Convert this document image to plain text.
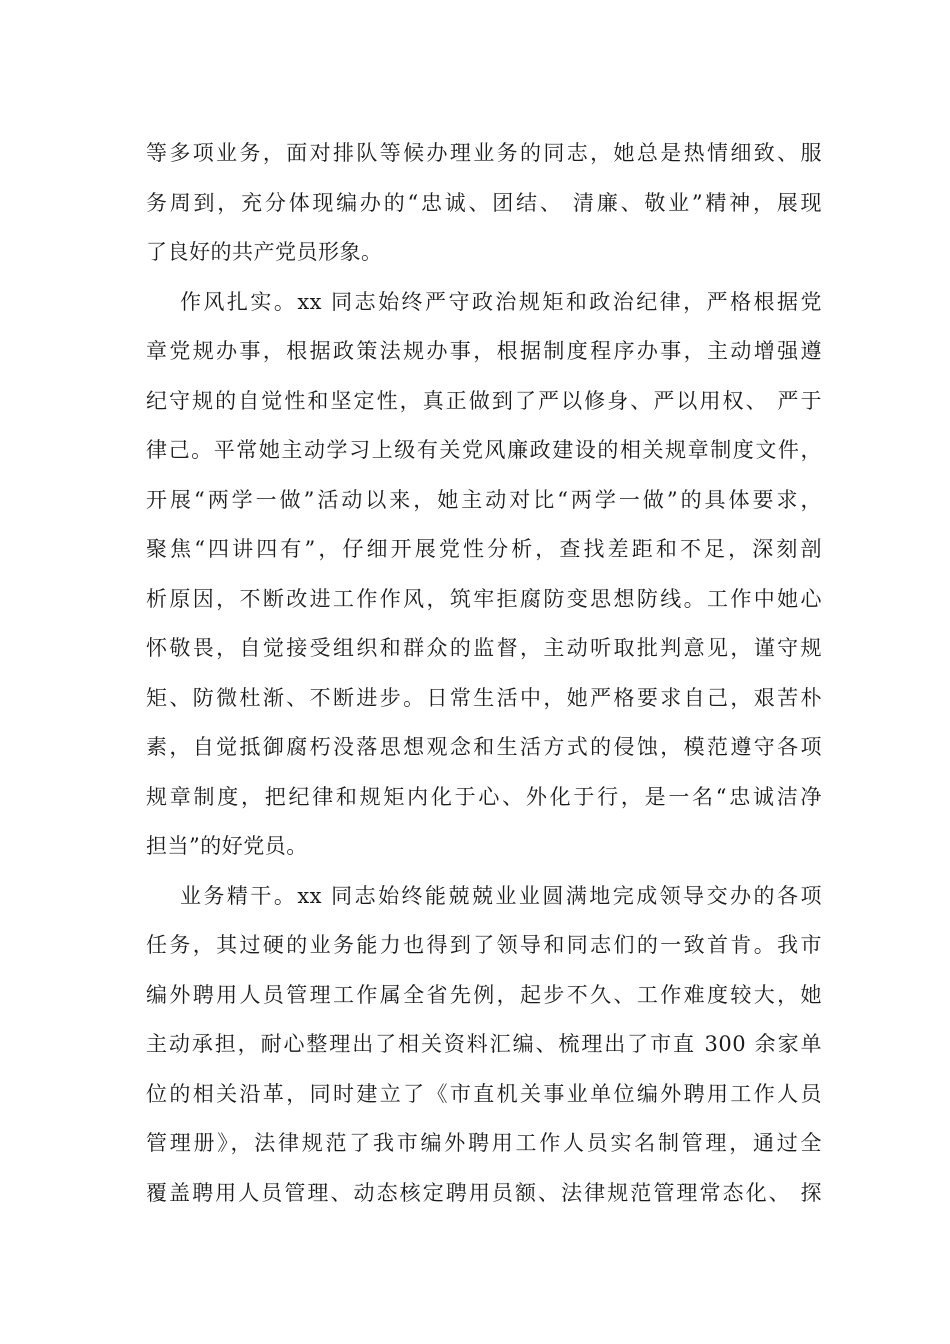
等多项业务，面对排队等候办理业务的同志，她总是热情细致、服
务周到，充分体现编办的“忠诚、团结、 清廉、敬业”精神，展现
了良好的共产党员形象。
作风扎实。xx 同志始终严守政治规矩和政治纪律，严格根据党
章党规办事，根据政策法规办事，根据制度程序办事，主动增强遵
纪守规的自觉性和坚定性，真正做到了严以修身、严以用权、 严于
律己。平常她主动学习上级有关党风廉政建设的相关规章制度文件，
开展“两学一做”活动以来，她主动对比“两学一做”的具体要求，
聚焦“四讲四有”，仔细开展党性分析，查找差距和不足，深刻剖
析原因，不断改进工作作风，筑牢拒腐防变思想防线。工作中她心
怀敬畏，自觉接受组织和群众的监督，主动听取批判意见，谨守规
矩、防微杜渐、不断进步。日常生活中，她严格要求自己，艰苦朴
素，自觉抵御腐朽没落思想观念和生活方式的侵蚀，模范遵守各项
规章制度，把纪律和规矩内化于心、外化于行，是一名“忠诚洁净
担当”的好党员。
业务精干。xx 同志始终能兢兢业业圆满地完成领导交办的各项
任务，其过硬的业务能力也得到了领导和同志们的一致首肯。我市
编外聘用人员管理工作属全省先例，起步不久、工作难度较大，她
主动承担，耐心整理出了相关资料汇编、梳理出了市直 300 余家单
位的相关沿革，同时建立了《市直机关事业单位编外聘用工作人员
管理册》，法律规范了我市编外聘用工作人员实名制管理，通过全
覆盖聘用人员管理、动态核定聘用员额、法律规范管理常态化、 探
